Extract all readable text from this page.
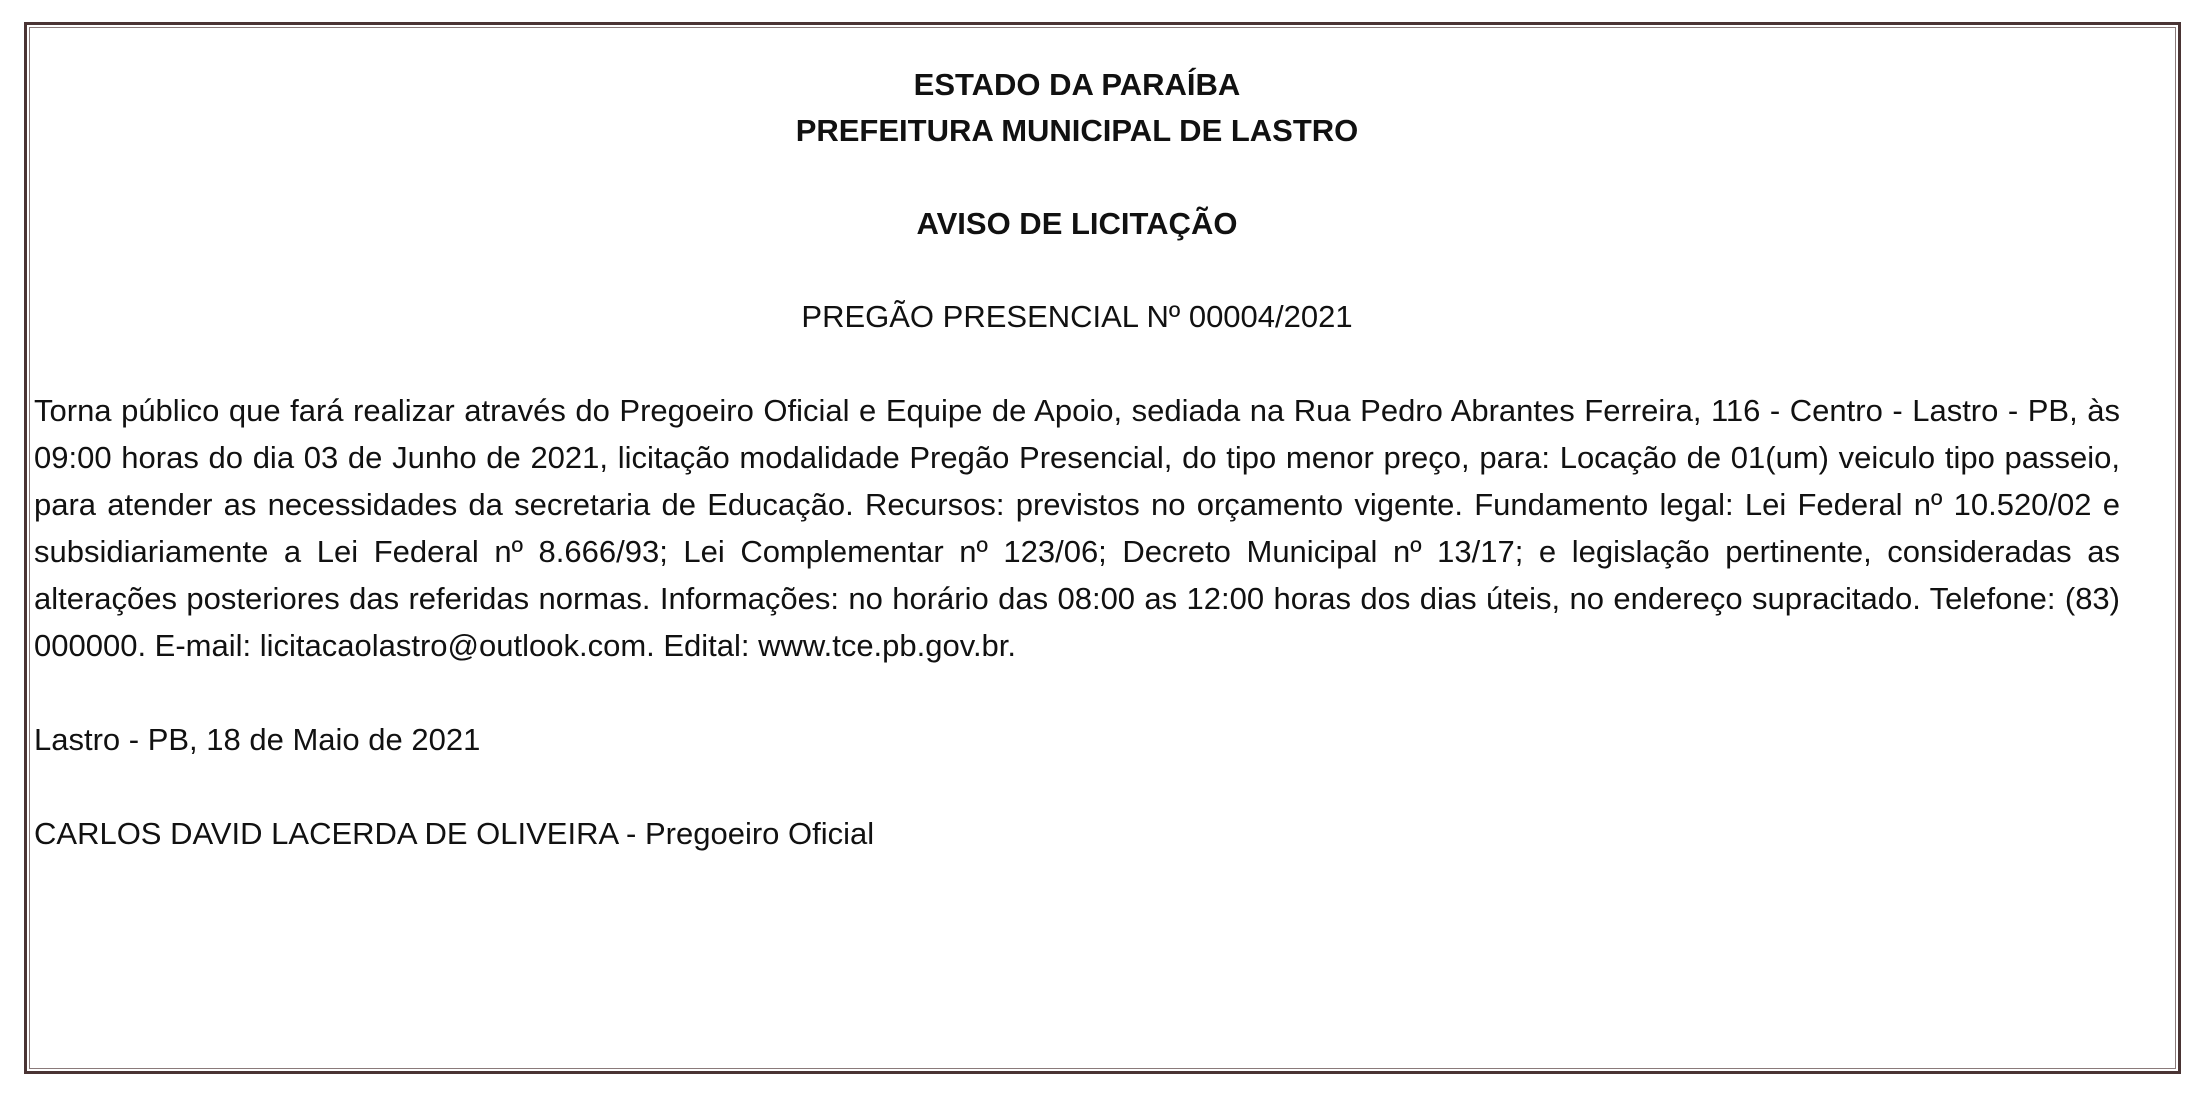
ESTADO DA PARAÍBA
PREFEITURA MUNICIPAL DE LASTRO
AVISO DE LICITAÇÃO
PREGÃO PRESENCIAL Nº 00004/2021
Torna público que fará realizar através do Pregoeiro Oficial e Equipe de Apoio, sediada na Rua Pedro Abrantes Ferreira, 116 - Centro - Lastro - PB, às 09:00 horas do dia 03 de Junho de 2021, licitação modalidade Pregão Presencial, do tipo menor preço, para: Locação de 01(um) veiculo tipo passeio, para atender as necessidades da secretaria de Educação. Recursos: previstos no orçamento vigente. Fundamento legal: Lei Federal nº 10.520/02 e subsidiariamente a Lei Federal nº 8.666/93; Lei Complementar nº 123/06; Decreto Municipal nº 13/17; e legislação pertinente, consideradas as alterações posteriores das referidas normas. Informações: no horário das 08:00 as 12:00 horas dos dias úteis, no endereço supracitado. Telefone: (83) 000000. E-mail: licitacaolastro@outlook.com. Edital: www.tce.pb.gov.br.
Lastro - PB, 18 de Maio de 2021
CARLOS DAVID LACERDA DE OLIVEIRA - Pregoeiro Oficial
